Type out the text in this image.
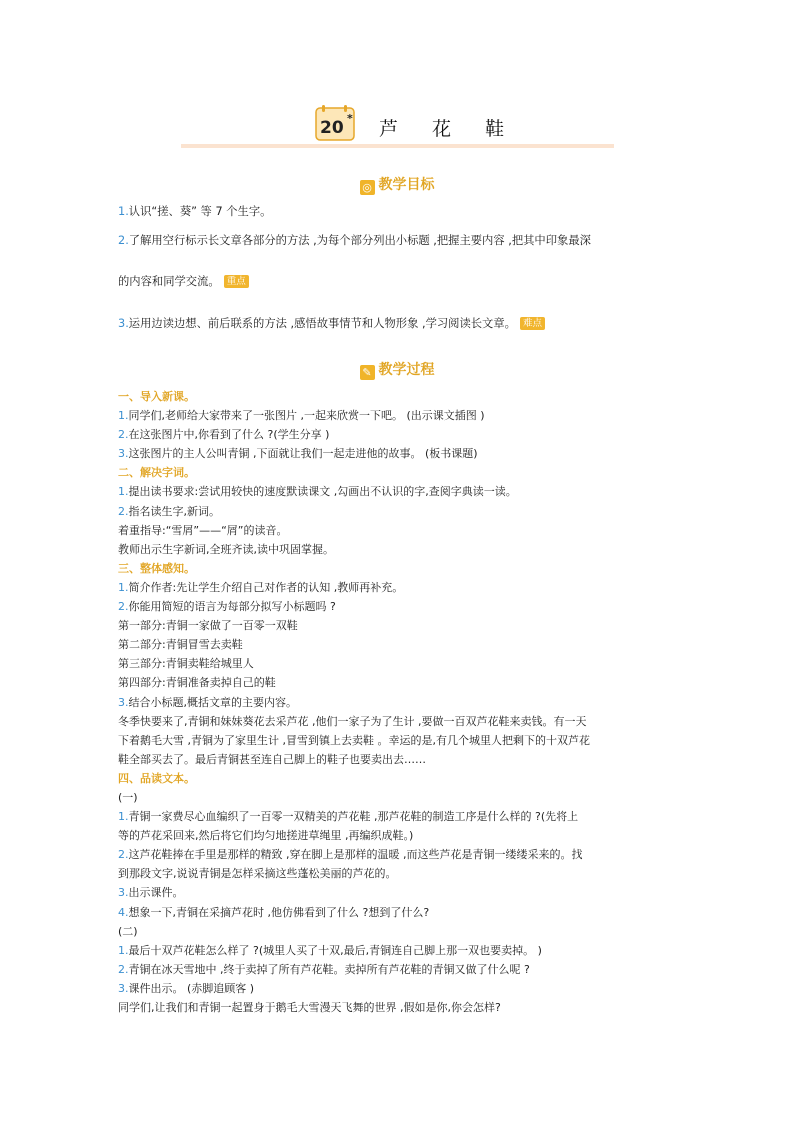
20 * 芦 花 鞋
◎ 教学目标
1.认识“搓、葵” 等 7 个生字。
2.了解用空行标示长文章各部分的方法 ,为每个部分列出小标题 ,把握主要内容 ,把其中印象最深
的内容和同学交流。 重点
3.运用边读边想、前后联系的方法 ,感悟故事情节和人物形象 ,学习阅读长文章。 难点
✎ 教学过程
一、导入新课。
1.同学们,老师给大家带来了一张图片 ,一起来欣赏一下吧。 (出示课文插图 )
2.在这张图片中,你看到了什么 ?(学生分享 )
3.这张图片的主人公叫青铜 ,下面就让我们一起走进他的故事。 (板书课题)
二、解决字词。
1.提出读书要求:尝试用较快的速度默读课文 ,勾画出不认识的字,查阅字典读一读。
2.指名读生字,新词。
着重指导:“雪屑”——“屑”的读音。
教师出示生字新词,全班齐读,读中巩固掌握。
三、整体感知。
1.简介作者:先让学生介绍自己对作者的认知 ,教师再补充。
2.你能用简短的语言为每部分拟写小标题吗 ?
第一部分:青铜一家做了一百零一双鞋
第二部分:青铜冒雪去卖鞋
第三部分:青铜卖鞋给城里人
第四部分:青铜准备卖掉自己的鞋
3.结合小标题,概括文章的主要内容。
冬季快要来了,青铜和妹妹葵花去采芦花 ,他们一家子为了生计 ,要做一百双芦花鞋来卖钱。有一天
下着鹅毛大雪 ,青铜为了家里生计 ,冒雪到镇上去卖鞋 。幸运的是,有几个城里人把剩下的十双芦花
鞋全部买去了。最后青铜甚至连自己脚上的鞋子也要卖出去……
四、品读文本。
(一)
1.青铜一家费尽心血编织了一百零一双精美的芦花鞋 ,那芦花鞋的制造工序是什么样的 ?(先将上
等的芦花采回来,然后将它们均匀地搓进草绳里 ,再编织成鞋。)
2.这芦花鞋捧在手里是那样的精致 ,穿在脚上是那样的温暖 ,而这些芦花是青铜一缕缕采来的。找
到那段文字,说说青铜是怎样采摘这些蓬松美丽的芦花的。
3.出示课件。
4.想象一下,青铜在采摘芦花时 ,他仿佛看到了什么 ?想到了什么?
(二)
1.最后十双芦花鞋怎么样了 ?(城里人买了十双,最后,青铜连自己脚上那一双也要卖掉。 )
2.青铜在冰天雪地中 ,终于卖掉了所有芦花鞋。卖掉所有芦花鞋的青铜又做了什么呢 ?
3.课件出示。 (赤脚追顾客 )
同学们,让我们和青铜一起置身于鹅毛大雪漫天飞舞的世界 ,假如是你,你会怎样?
